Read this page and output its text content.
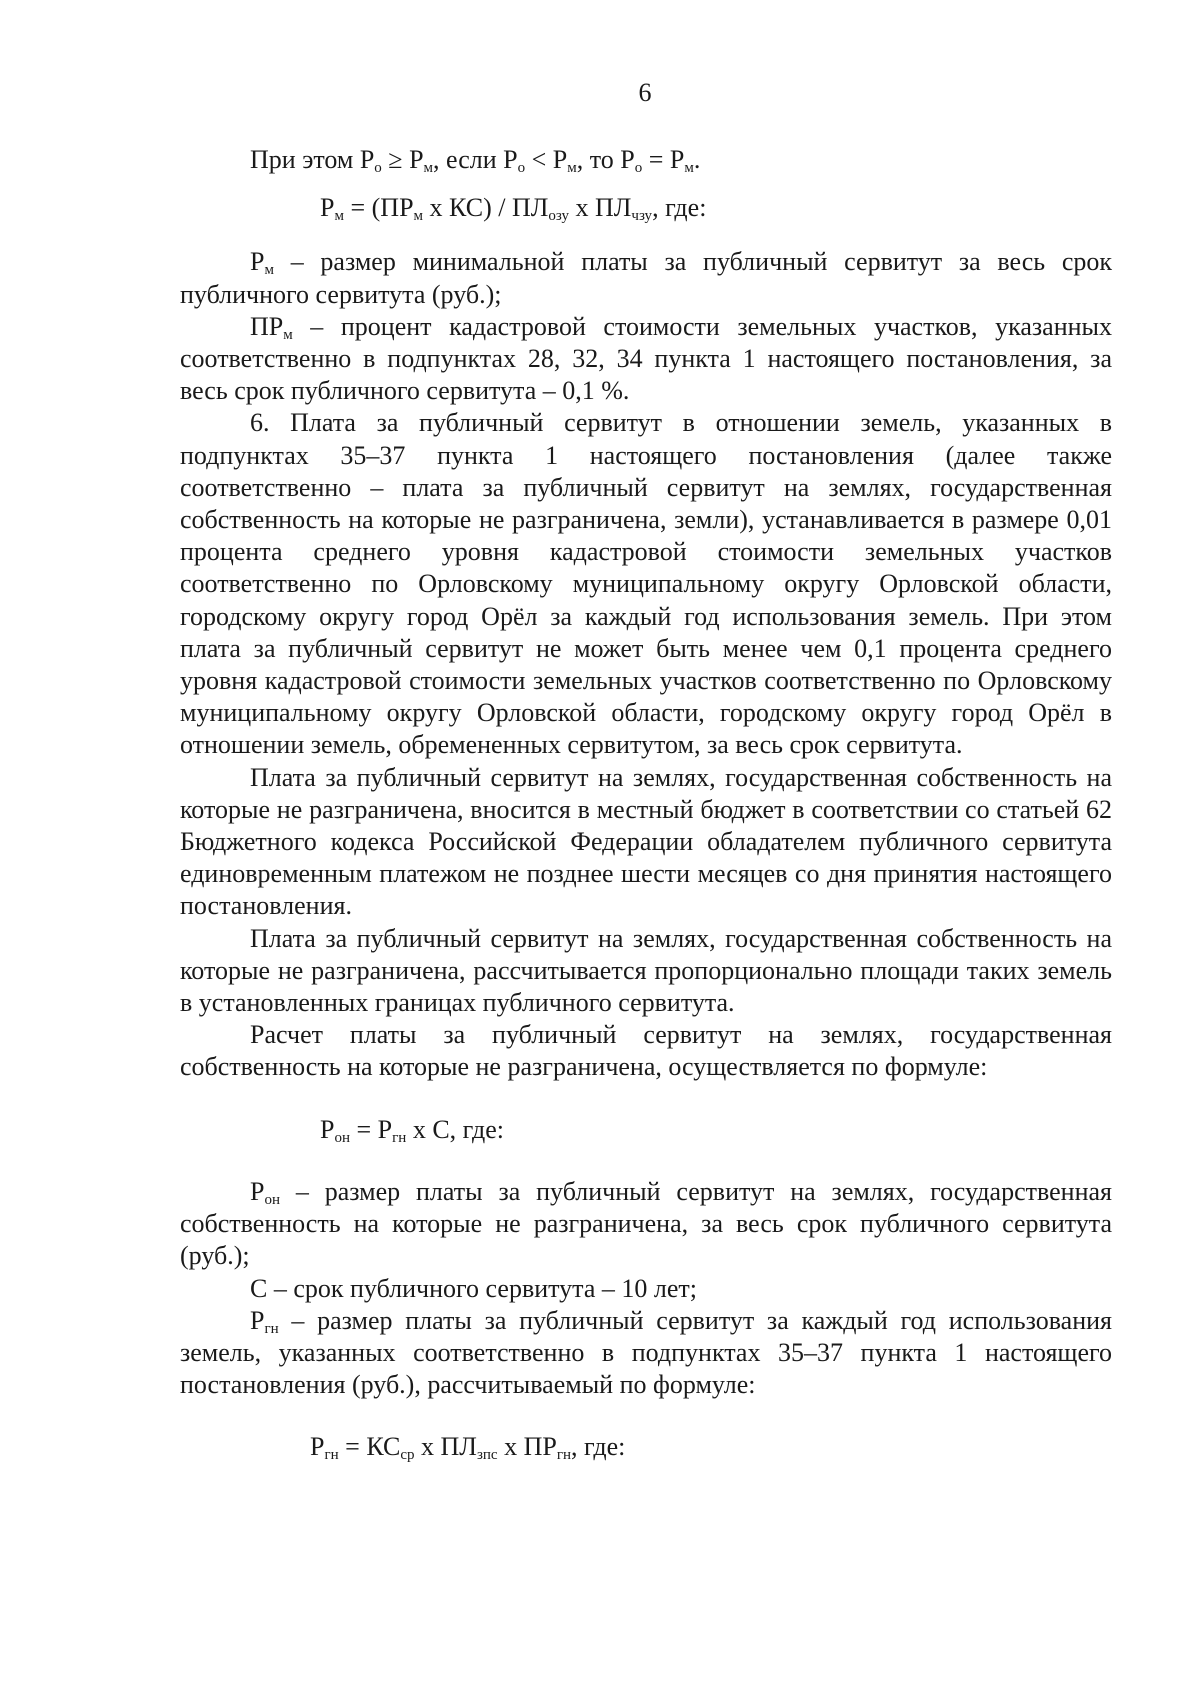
6

При этом $Р_о \ge Р_м$, если $Р_о < Р_м$, то $Р_о = Р_м$.

$Р_м = (ПР_м$ х $КС) / ПЛ_{озу}$ х $ПЛ_{чзу}$, где:

$Р_м$ – размер минимальной платы за публичный сервитут за весь срок публичного сервитута (руб.);

$ПР_м$ – процент кадастровой стоимости земельных участков, указанных соответственно в подпунктах 28, 32, 34 пункта 1 настоящего постановления, за весь срок публичного сервитута – 0,1 %.

6. Плата за публичный сервитут в отношении земель, указанных в подпунктах 35–37 пункта 1 настоящего постановления (далее также соответственно – плата за публичный сервитут на землях, государственная собственность на которые не разграничена, земли), устанавливается в размере 0,01 процента среднего уровня кадастровой стоимости земельных участков соответственно по Орловскому муниципальному округу Орловской области, городскому округу город Орёл за каждый год использования земель. При этом плата за публичный сервитут не может быть менее чем 0,1 процента среднего уровня кадастровой стоимости земельных участков соответственно по Орловскому муниципальному округу Орловской области, городскому округу город Орёл в отношении земель, обремененных сервитутом, за весь срок сервитута.

Плата за публичный сервитут на землях, государственная собственность на которые не разграничена, вносится в местный бюджет в соответствии со статьей 62 Бюджетного кодекса Российской Федерации обладателем публичного сервитута единовременным платежом не позднее шести месяцев со дня принятия настоящего постановления.

Плата за публичный сервитут на землях, государственная собственность на которые не разграничена, рассчитывается пропорционально площади таких земель в установленных границах публичного сервитута.

Расчет платы за публичный сервитут на землях, государственная собственность на которые не разграничена, осуществляется по формуле:

$Р_{он} = Р_{гн}$ х С, где:

$Р_{он}$ – размер платы за публичный сервитут на землях, государственная собственность на которые не разграничена, за весь срок публичного сервитута (руб.);

С – срок публичного сервитута – 10 лет;

$Р_{гн}$ – размер платы за публичный сервитут за каждый год использования земель, указанных соответственно в подпунктах 35–37 пункта 1 настоящего постановления (руб.), рассчитываемый по формуле:

$Р_{гн} = КС_{ср}$ х $ПЛ_{зпс}$ х $ПР_{гн}$, где:
